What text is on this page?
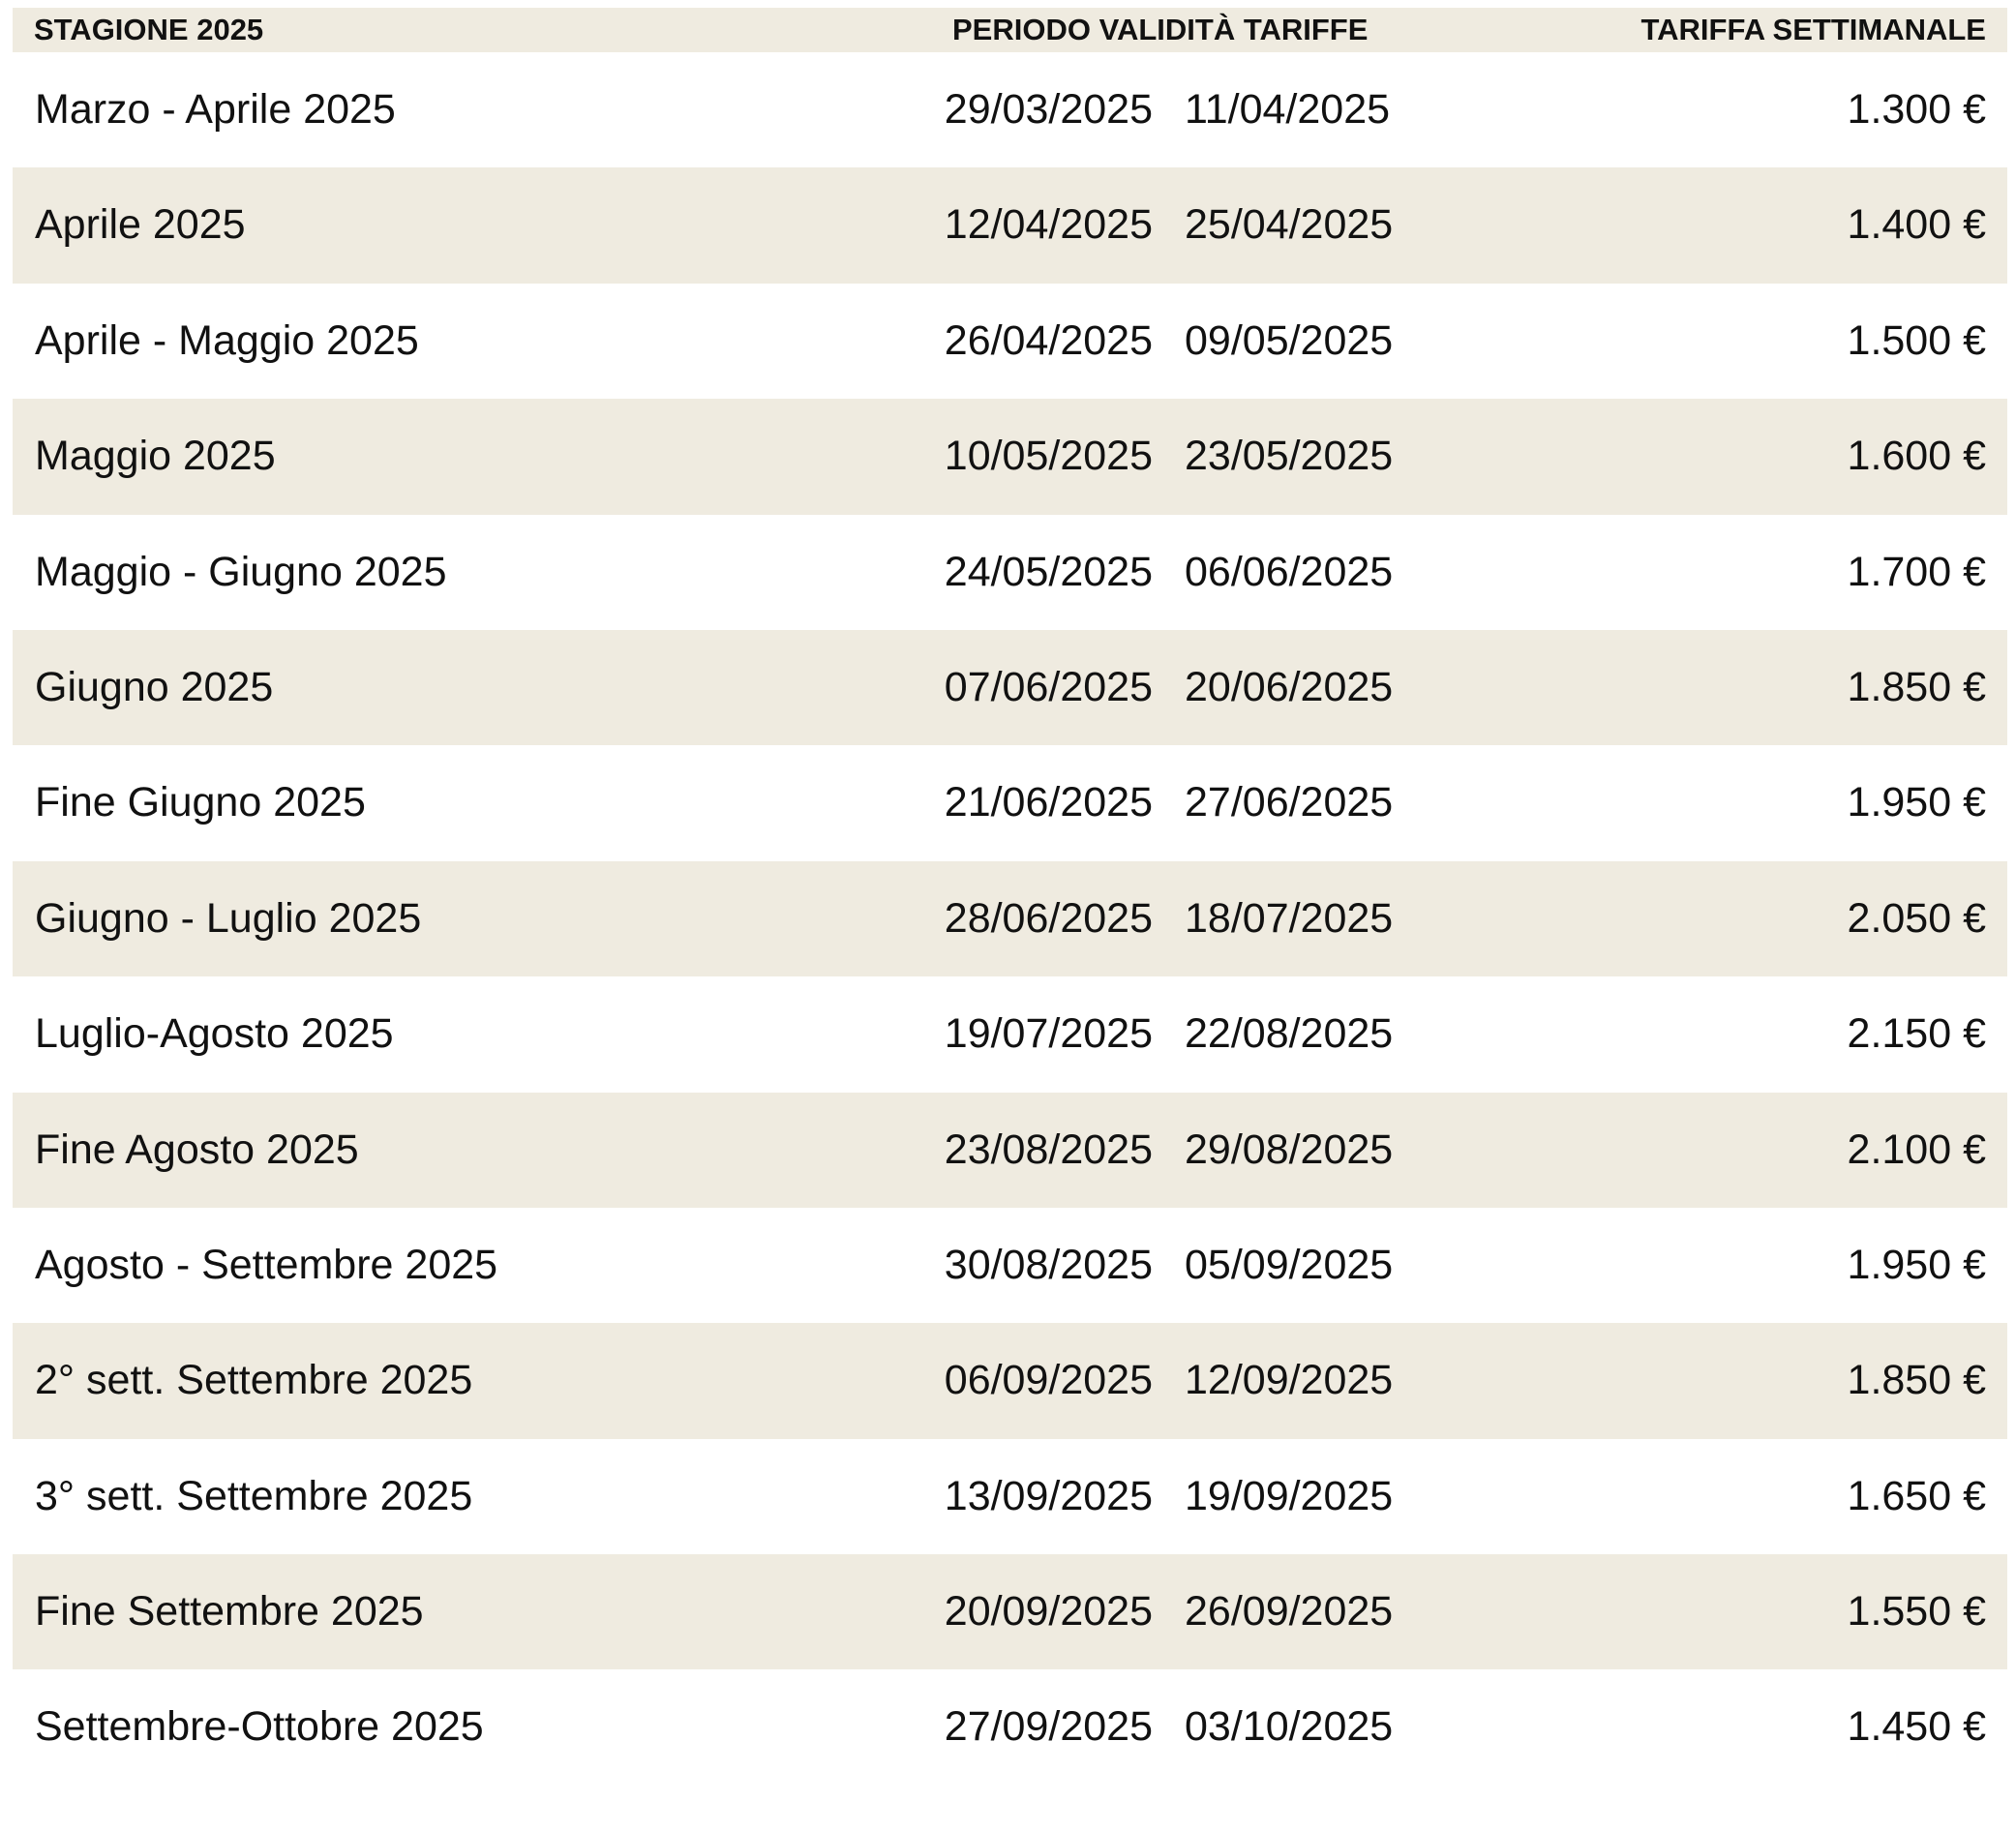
STAGIONE 2025	PERIODO VALIDITÀ TARIFFE	TARIFFA SETTIMANALE
Marzo - Aprile 2025	29/03/2025 11/04/2025	1.300 €
Aprile 2025	12/04/2025 25/04/2025	1.400 €
Aprile - Maggio 2025	26/04/2025 09/05/2025	1.500 €
Maggio 2025	10/05/2025 23/05/2025	1.600 €
Maggio - Giugno 2025	24/05/2025 06/06/2025	1.700 €
Giugno 2025	07/06/2025 20/06/2025	1.850 €
Fine Giugno 2025	21/06/2025 27/06/2025	1.950 €
Giugno - Luglio 2025	28/06/2025 18/07/2025	2.050 €
Luglio-Agosto 2025	19/07/2025 22/08/2025	2.150 €
Fine Agosto 2025	23/08/2025 29/08/2025	2.100 €
Agosto - Settembre 2025	30/08/2025 05/09/2025	1.950 €
2° sett. Settembre 2025	06/09/2025 12/09/2025	1.850 €
3° sett. Settembre 2025	13/09/2025 19/09/2025	1.650 €
Fine Settembre 2025	20/09/2025 26/09/2025	1.550 €
Settembre-Ottobre 2025	27/09/2025 03/10/2025	1.450 €
